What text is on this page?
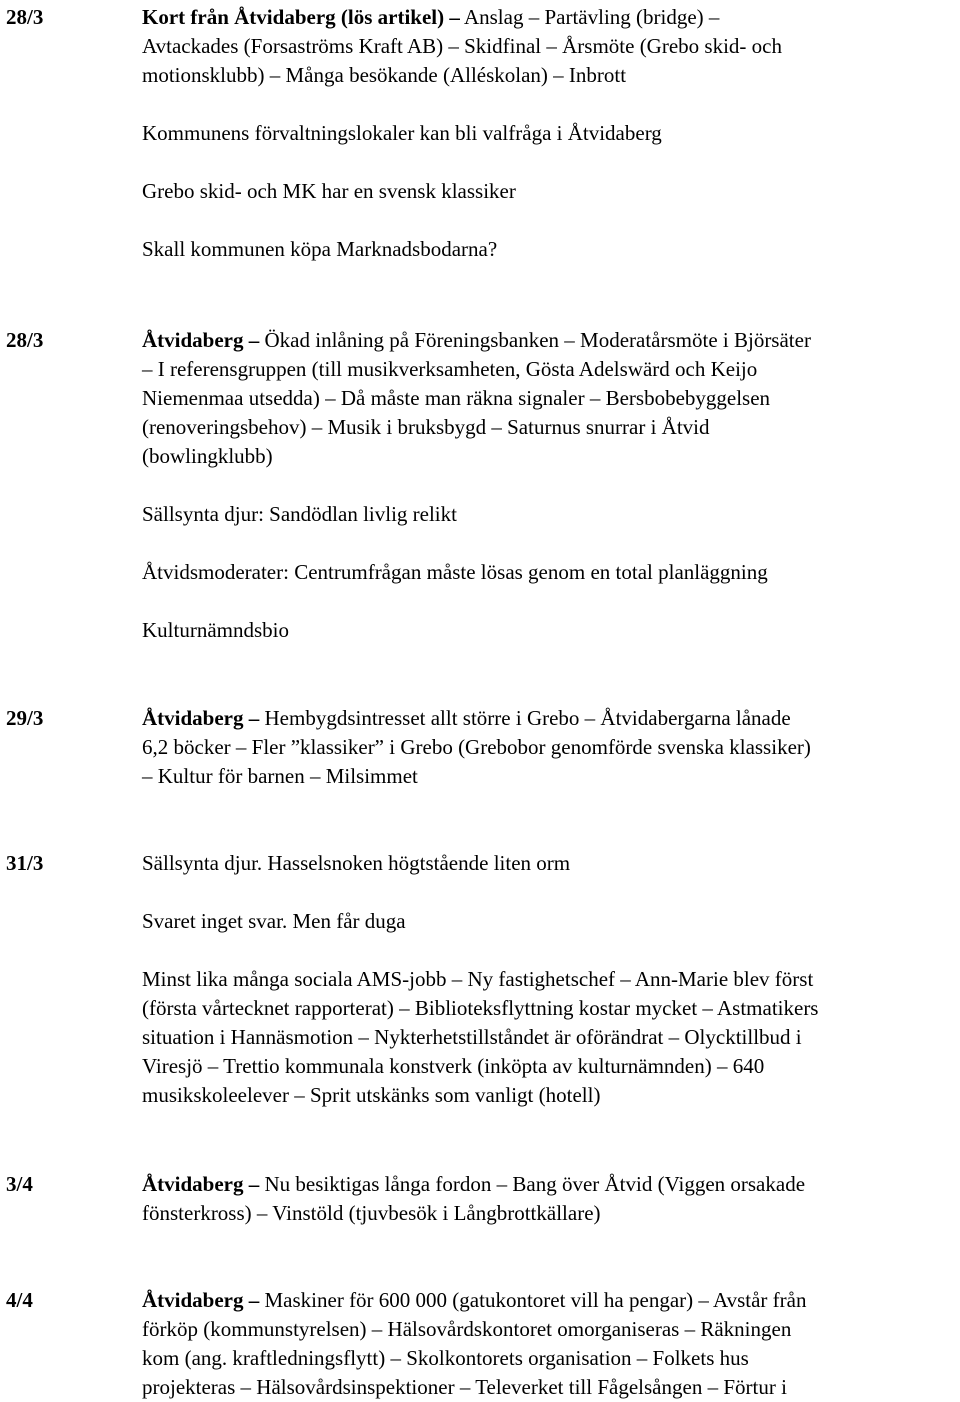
28/3	Kort från Åtvidaberg (lös artikel) – Anslag – Partävling (bridge) –
Avtackades (Forsaströms Kraft AB) – Skidfinal – Årsmöte (Grebo skid- och
motionsklubb) – Många besökande (Alléskolan) – Inbrott
Kommunens förvaltningslokaler kan bli valfråga i Åtvidaberg
Grebo skid- och MK har en svensk klassiker
Skall kommunen köpa Marknadsbodarna?
28/3	Åtvidaberg – Ökad inlåning på Föreningsbanken – Moderatårsmöte i Björsäter
– I referensgruppen (till musikverksamheten, Gösta Adelswärd och Keijo
Niemenmaa utsedda) – Då måste man räkna signaler – Bersbobebyggelsen
(renoveringsbehov) – Musik i bruksbygd – Saturnus snurrar i Åtvid
(bowlingklubb)
Sällsynta djur: Sandödlan livlig relikt
Åtvidsmoderater: Centrumfrågan måste lösas genom en total planläggning
Kulturnämndsbio
29/3	Åtvidaberg – Hembygdsintresset allt större i Grebo – Åtvidabergarna lånade
6,2 böcker – Fler ”klassiker” i Grebo (Grebobor genomförde svenska klassiker)
– Kultur för barnen – Milsimmet
31/3	Sällsynta djur. Hasselsnoken högtstående liten orm
Svaret inget svar. Men får duga
Minst lika många sociala AMS-jobb – Ny fastighetschef – Ann-Marie blev först
(första vårtecknet rapporterat) – Biblioteksflyttning kostar mycket – Astmatikers
situation i Hannäsmotion – Nykterhetstillståndet är oförändrat – Olycktillbud i
Viresjö – Trettio kommunala konstverk (inköpta av kulturnämnden) – 640
musikskoleelever – Sprit utskänks som vanligt (hotell)
3/4	Åtvidaberg – Nu besiktigas långa fordon – Bang över Åtvid (Viggen orsakade
fönsterkross) – Vinstöld (tjuvbesök i Långbrottkällare)
4/4	Åtvidaberg – Maskiner för 600 000 (gatukontoret vill ha pengar) – Avstår från
förköp (kommunstyrelsen) – Hälsovårdskontoret omorganiseras – Räkningen
kom (ang. kraftledningsflytt) – Skolkontorets organisation – Folkets hus
projekteras – Hälsovårdsinspektioner – Televerket till Fågelsången – Förtur i
